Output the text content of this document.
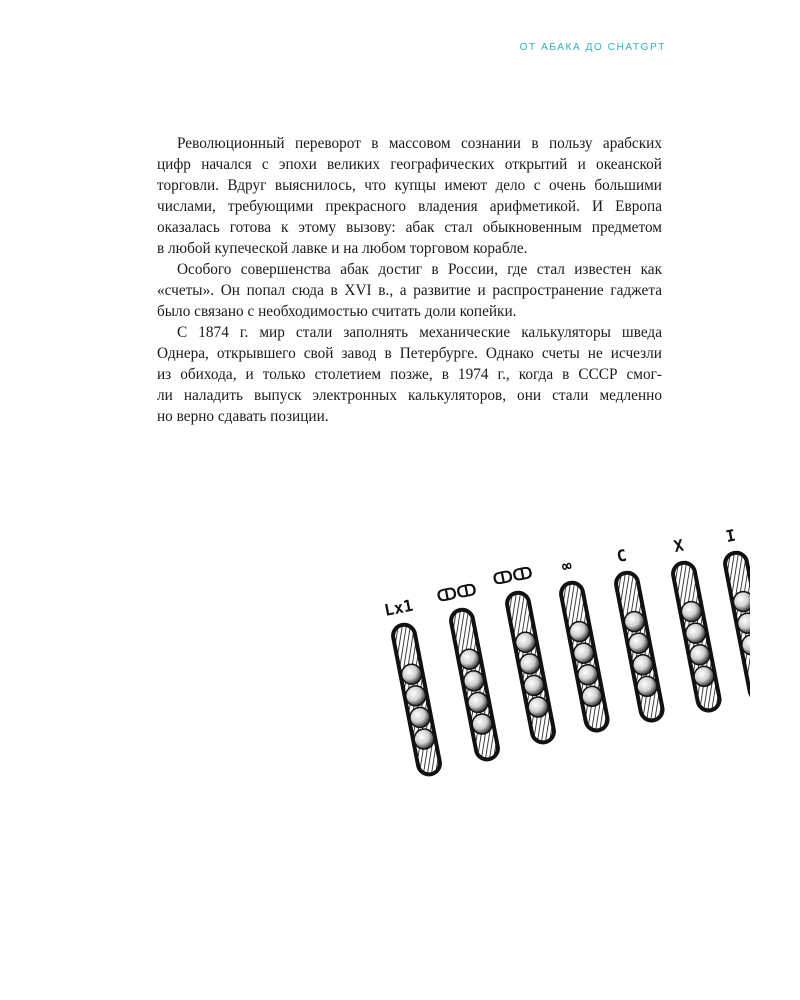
ОТ АБАКА ДО CHATGPT
Революционный переворот в массовом сознании в пользу арабских
цифр начался с эпохи великих географических открытий и океанской
торговли. Вдруг выяснилось, что купцы имеют дело с очень большими
числами, требующими прекрасного владения арифметикой. И Европа
оказалась готова к этому вызову: абак стал обыкновенным предметом
в любой купеческой лавке и на любом торговом корабле.
Особого совершенства абак достиг в России, где стал известен как
«счеты». Он попал сюда в XVI в., а развитие и распространение гаджета
было связано с необходимостью считать доли копейки.
С 1874 г. мир стали заполнять механические калькуляторы шведа
Однера, открывшего свой завод в Петербурге. Однако счеты не исчезли
из обихода, и только столетием позже, в 1974 г., когда в СССР смог-
ли наладить выпуск электронных калькуляторов, они стали медленно
но верно сдавать позиции.
Lx1
ↀↀ
ↀↀ ∞	C	X I
